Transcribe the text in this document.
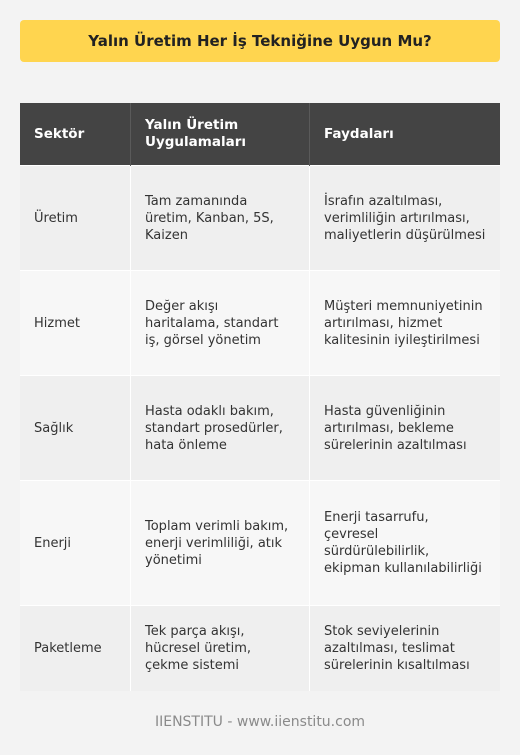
Yalın Üretim Her İş Tekniğine Uygun Mu?
Sektör	Yalın Üretim Uygulamaları	Faydaları
Üretim	Tam zamanında üretim, Kanban, 5S, Kaizen	İsrafın azaltılması, verimliliğin artırılması, maliyetlerin düşürülmesi
Hizmet	Değer akışı haritalama, standart iş, görsel yönetim	Müşteri memnuniyetinin artırılması, hizmet kalitesinin iyileştirilmesi
Sağlık	Hasta odaklı bakım, standart prosedürler, hata önleme	Hasta güvenliğinin artırılması, bekleme sürelerinin azaltılması
Enerji	Toplam verimli bakım, enerji verimliliği, atık yönetimi	Enerji tasarrufu, çevresel sürdürülebilirlik, ekipman kullanılabilirliği
Paketleme	Tek parça akışı, hücresel üretim, çekme sistemi	Stok seviyelerinin azaltılması, teslimat sürelerinin kısaltılması
IIENSTITU - www.iienstitu.com
